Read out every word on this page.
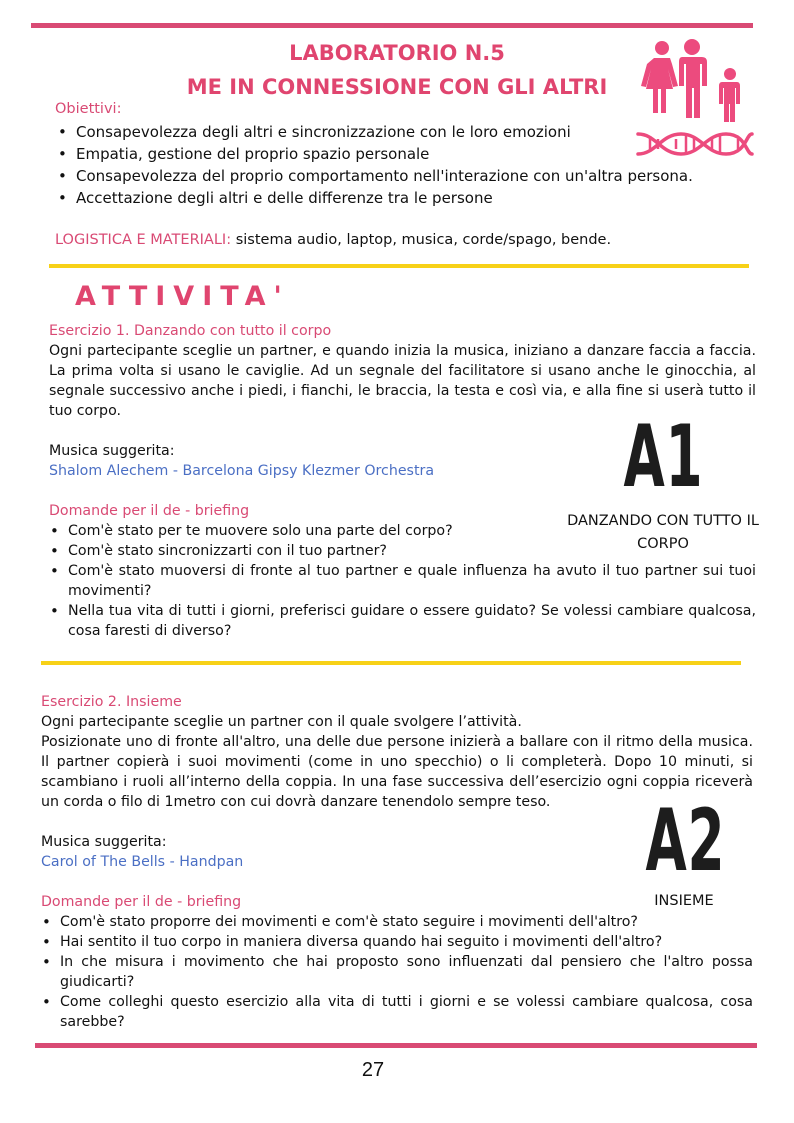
LABORATORIO N.5
ME IN CONNESSIONE CON GLI ALTRI
Obiettivi:
• Consapevolezza degli altri e sincronizzazione con le loro emozioni
• Empatia, gestione del proprio spazio personale
• Consapevolezza del proprio comportamento nell'interazione con un'altra persona.
• Accettazione degli altri e delle differenze tra le persone
LOGISTICA E MATERIALI: sistema audio, laptop, musica, corde/spago, bende.
ATTIVITA'
Esercizio 1. Danzando con tutto il corpo
Ogni partecipante sceglie un partner, e quando inizia la musica, iniziano a danzare faccia a faccia. La prima volta si usano le caviglie. Ad un segnale del facilitatore si usano anche le ginocchia, al segnale successivo anche i piedi, i fianchi, le braccia, la testa e così via, e alla fine si userà tutto il tuo corpo.
Musica suggerita:
Shalom Alechem - Barcelona Gipsy Klezmer Orchestra A1
DANZANDO CON TUTTO IL CORPO
Domande per il de - briefing
• Com'è stato per te muovere solo una parte del corpo?
• Com'è stato sincronizzarti con il tuo partner?
• Com'è stato muoversi di fronte al tuo partner e quale influenza ha avuto il tuo partner sui tuoi movimenti?
• Nella tua vita di tutti i giorni, preferisci guidare o essere guidato? Se volessi cambiare qualcosa, cosa faresti di diverso?
Esercizio 2. Insieme
Ogni partecipante sceglie un partner con il quale svolgere l’attività.
Posizionate uno di fronte all'altro, una delle due persone inizierà a ballare con il ritmo della musica. Il partner copierà i suoi movimenti (come in uno specchio) o li completerà. Dopo 10 minuti, si scambiano i ruoli all’interno della coppia. In una fase successiva dell’esercizio ogni coppia riceverà un corda o filo di 1metro con cui dovrà danzare tenendolo sempre teso.
Musica suggerita:
Carol of The Bells - Handpan	A2
INSIEME
Domande per il de - briefing
• Com'è stato proporre dei movimenti e com'è stato seguire i movimenti dell'altro?
• Hai sentito il tuo corpo in maniera diversa quando hai seguito i movimenti dell'altro?
• In che misura i movimento che hai proposto sono influenzati dal pensiero che l'altro possa giudicarti?
• Come colleghi questo esercizio alla vita di tutti i giorni e se volessi cambiare qualcosa, cosa sarebbe?
27
